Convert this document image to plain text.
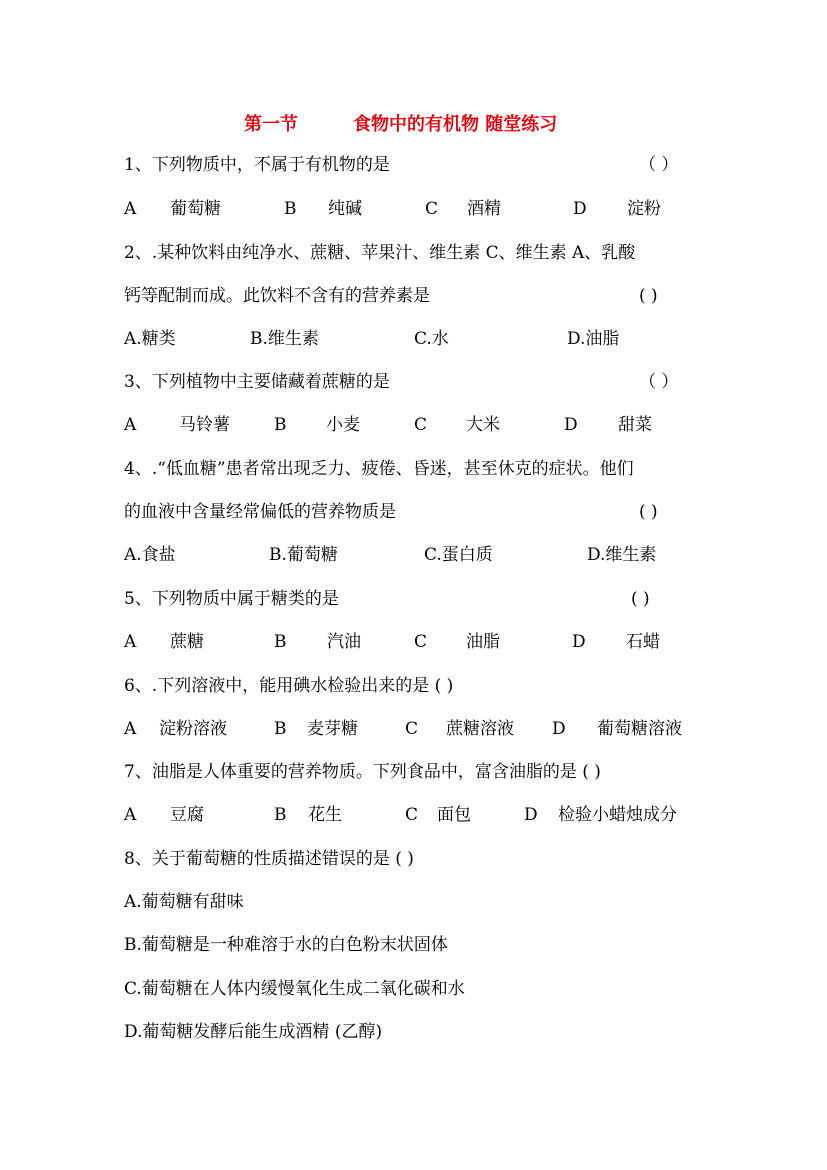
第一节

	食物中的有机物 随堂练习

1、下列物质中，不属于有机物的是	（ ）
A 葡萄糖	B 纯碱	C 酒精	D 淀粉
2、.某种饮料由纯净水、蔗糖、苹果汁、维生素 C、维生素 A、乳酸
钙等配制而成。此饮料不含有的营养素是	( )
A.糖类	B.维生素	C.水	D.油脂
3、下列植物中主要储藏着蔗糖的是	（ ）
A	马铃薯	B 小麦	C 大米	D 甜菜
4、.“低血糖”患者常出现乏力、疲倦、昏迷，甚至休克的症状。他们
的血液中含量经常偏低的营养物质是	( )
A.食盐	B.葡萄糖	C.蛋白质	D.维生素
5、下列物质中属于糖类的是	( )
A 蔗糖	B 汽油	C 油脂	D 石蜡
6、.下列溶液中，能用碘水检验出来的是 ( )
A 淀粉溶液	B 麦芽糖	C 蔗糖溶液 D 葡萄糖溶液
7、油脂是人体重要的营养物质。下列食品中，富含油脂的是 ( )
A 豆腐	B 花生	C 面包	D 检验小蜡烛成分
8、关于葡萄糖的性质描述错误的是 ( )
A.葡萄糖有甜味
B.葡萄糖是一种难溶于水的白色粉末状固体
C.葡萄糖在人体内缓慢氧化生成二氧化碳和水
D.葡萄糖发酵后能生成酒精 (乙醇)
